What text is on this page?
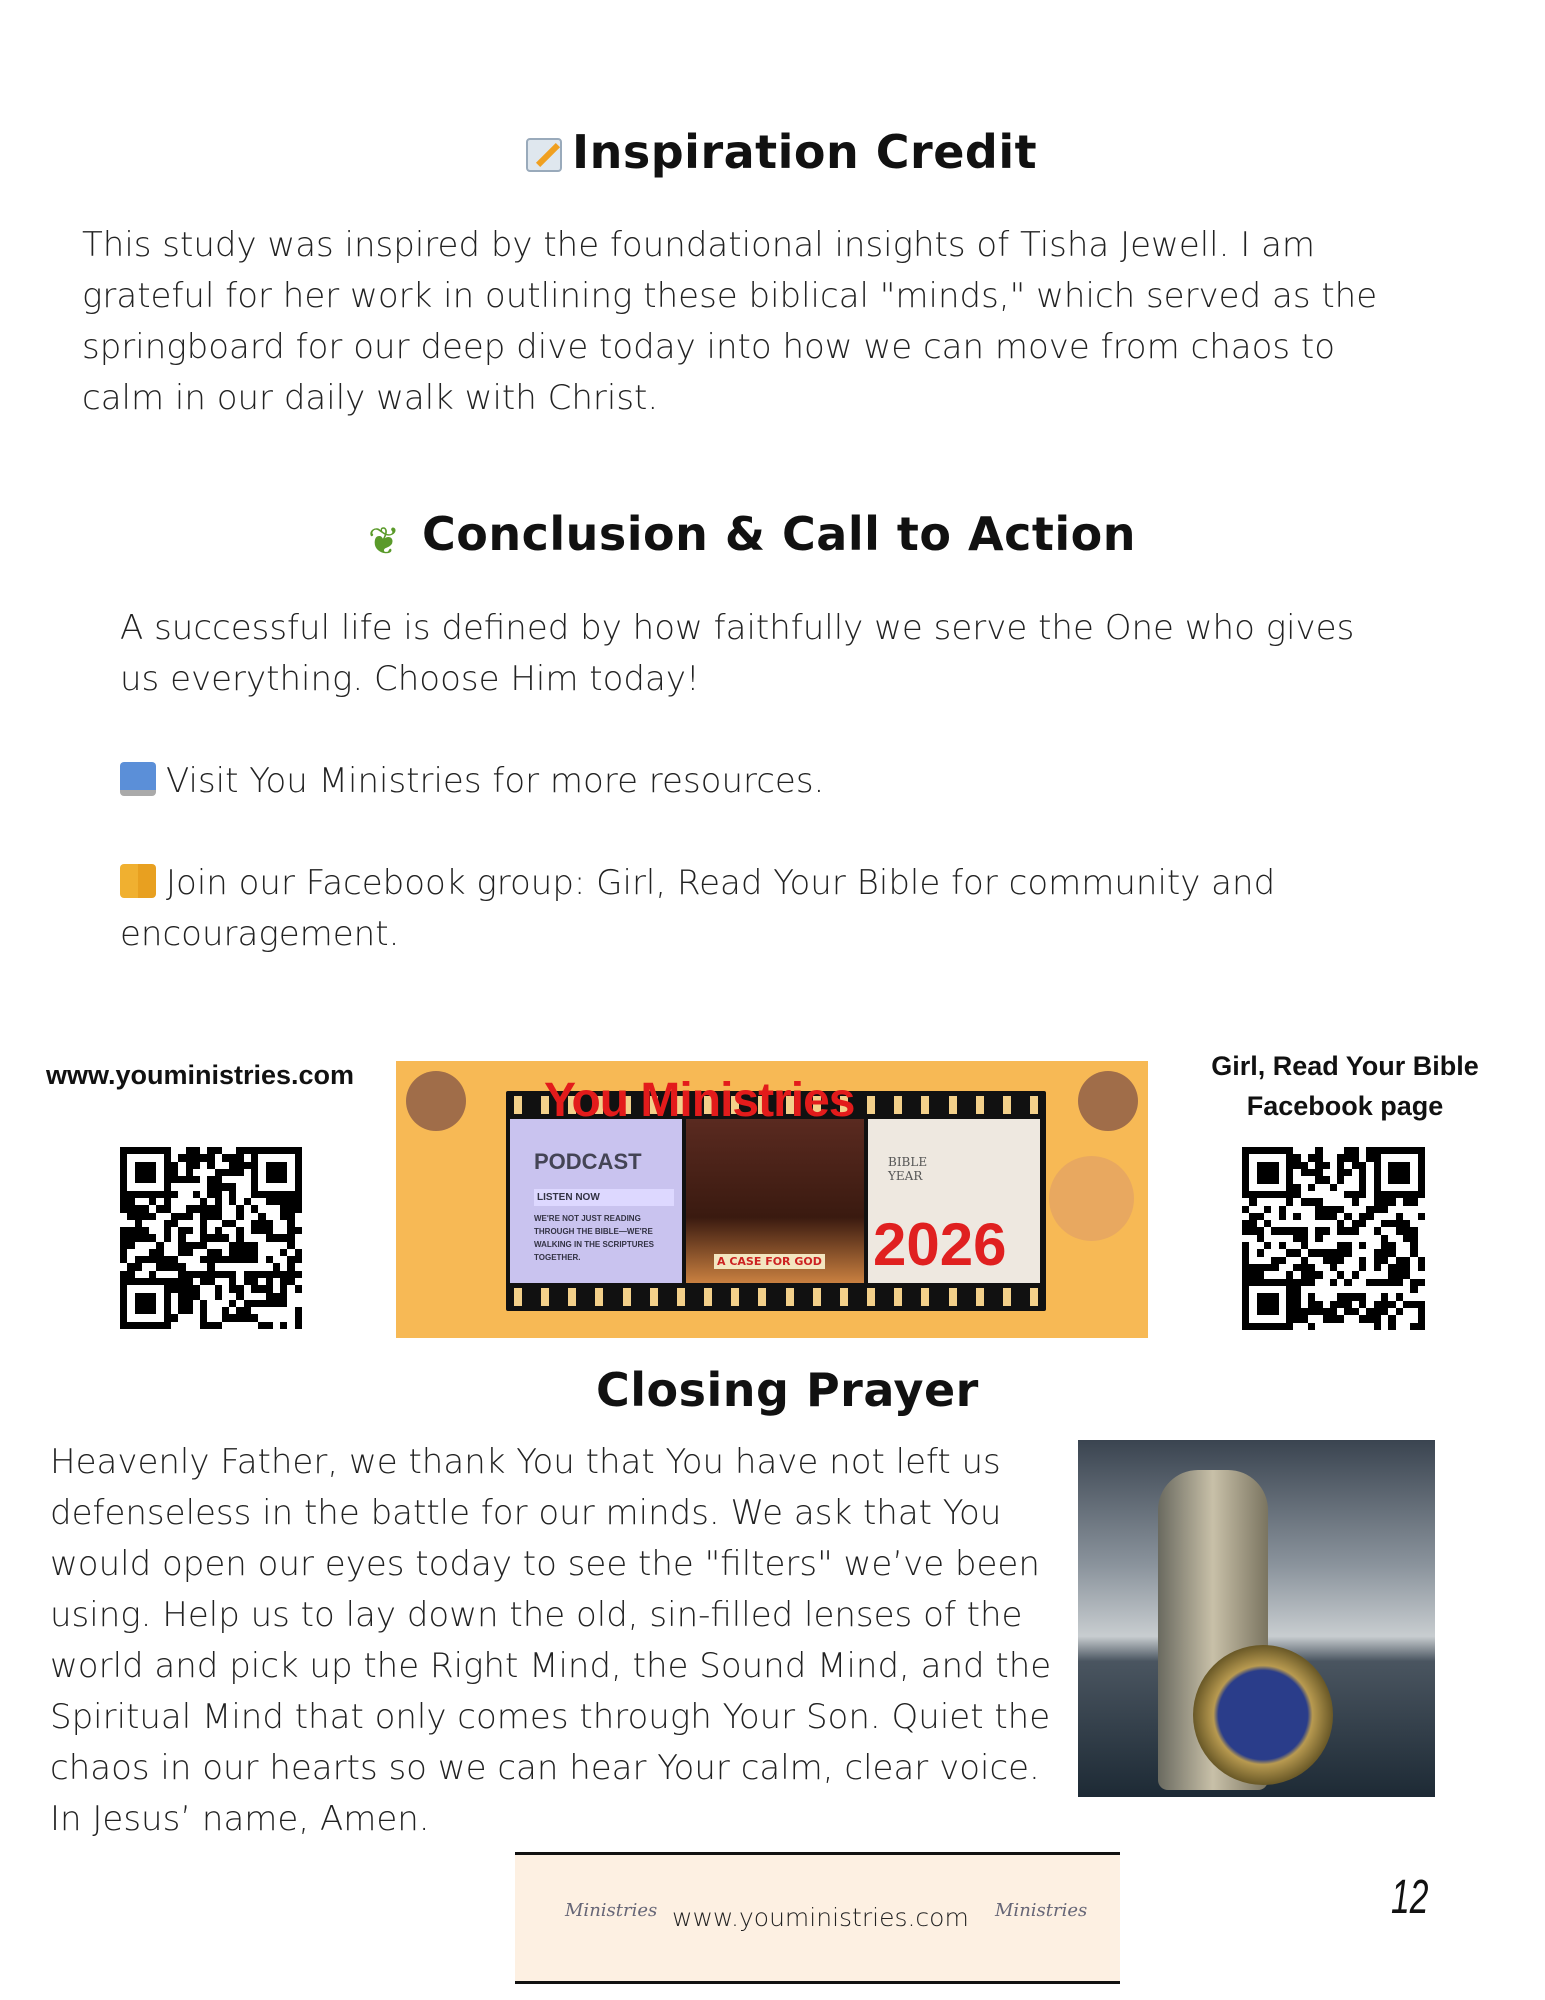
Inspiration Credit
This study was inspired by the foundational insights of Tisha Jewell. I am grateful for her work in outlining these biblical "minds," which served as the springboard for our deep dive today into how we can move from chaos to calm in our daily walk with Christ.
❦ Conclusion & Call to Action

A successful life is defined by how faithfully we serve the One who gives us everything. Choose Him today!

Visit You Ministries for more resources.

Join our Facebook group: Girl, Read Your Bible for community and encouragement.

www.youministries.com	Girl, Read Your Bible
Facebook page
PODCAST
LISTEN NOW
WE'RE NOT JUST READING THROUGH THE BIBLE—WE'RE WALKING IN THE SCRIPTURES TOGETHER.	A CASE FOR GOD
BIBLE YEAR
2026
You Ministries
Closing Prayer
Heavenly Father, we thank You that You have not left us defenseless in the battle for our minds. We ask that You would open our eyes today to see the "filters" we’ve been using. Help us to lay down the old, sin-filled lenses of the world and pick up the Right Mind, the Sound Mind, and the Spiritual Mind that only comes through Your Son. Quiet the chaos in our hearts so we can hear Your calm, clear voice. In Jesus’ name, Amen.
Ministries www.youministries.com Ministries	12
